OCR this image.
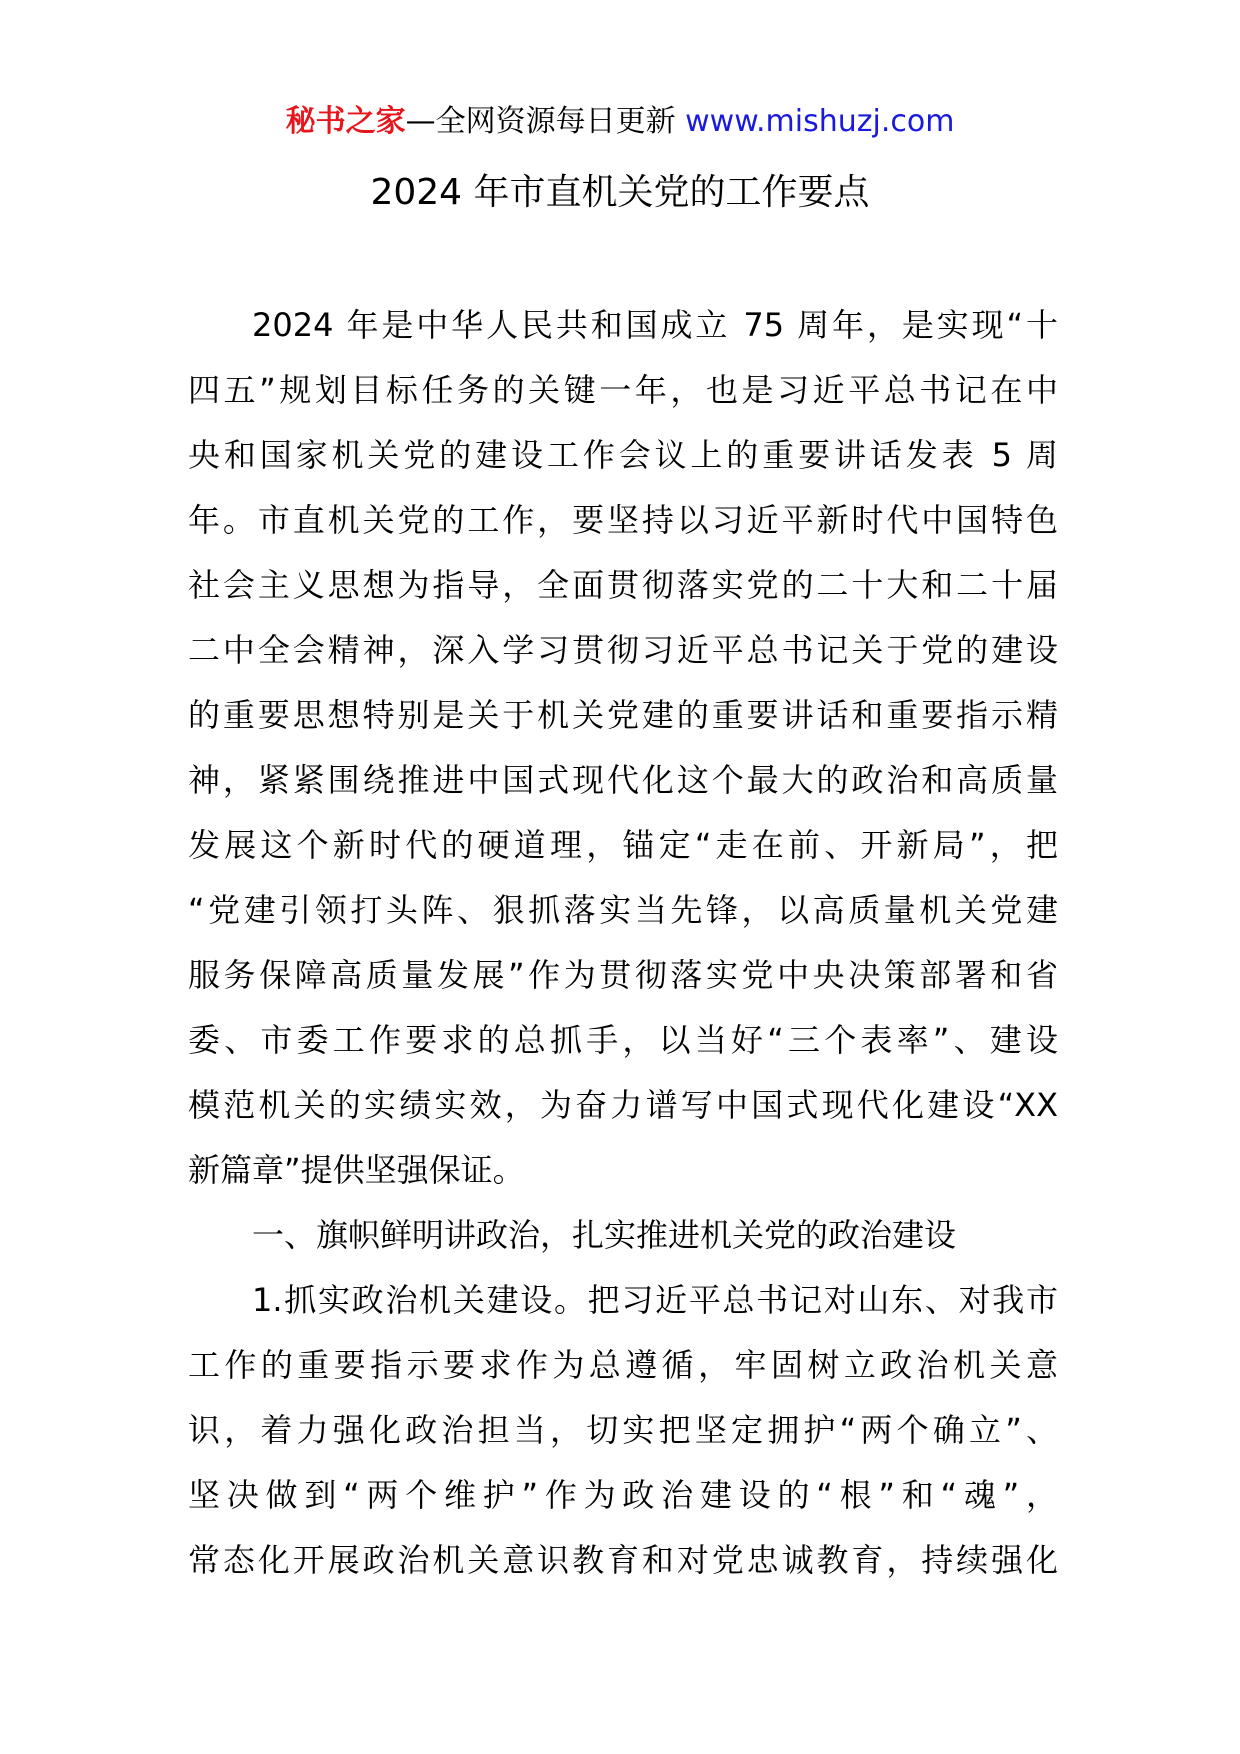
秘书之家—全网资源每日更新 www.mishuzj.com
2024 年市直机关党的工作要点
2024 年是中华人民共和国成立 75 周年，是实现“十
四五”规划目标任务的关键一年，也是习近平总书记在中
央和国家机关党的建设工作会议上的重要讲话发表 5 周
年。市直机关党的工作，要坚持以习近平新时代中国特色
社会主义思想为指导，全面贯彻落实党的二十大和二十届
二中全会精神，深入学习贯彻习近平总书记关于党的建设
的重要思想特别是关于机关党建的重要讲话和重要指示精
神，紧紧围绕推进中国式现代化这个最大的政治和高质量
发展这个新时代的硬道理，锚定“走在前、开新局”，把
“党建引领打头阵、狠抓落实当先锋，以高质量机关党建
服务保障高质量发展”作为贯彻落实党中央决策部署和省
委、市委工作要求的总抓手，以当好“三个表率”、建设
模范机关的实绩实效，为奋力谱写中国式现代化建设“XX
新篇章”提供坚强保证。
一、旗帜鲜明讲政治，扎实推进机关党的政治建设
1.抓实政治机关建设。把习近平总书记对山东、对我市
工作的重要指示要求作为总遵循，牢固树立政治机关意
识，着力强化政治担当，切实把坚定拥护“两个确立”、
坚决做到“两个维护”作为政治建设的“根”和“魂”，
常态化开展政治机关意识教育和对党忠诚教育，持续强化
